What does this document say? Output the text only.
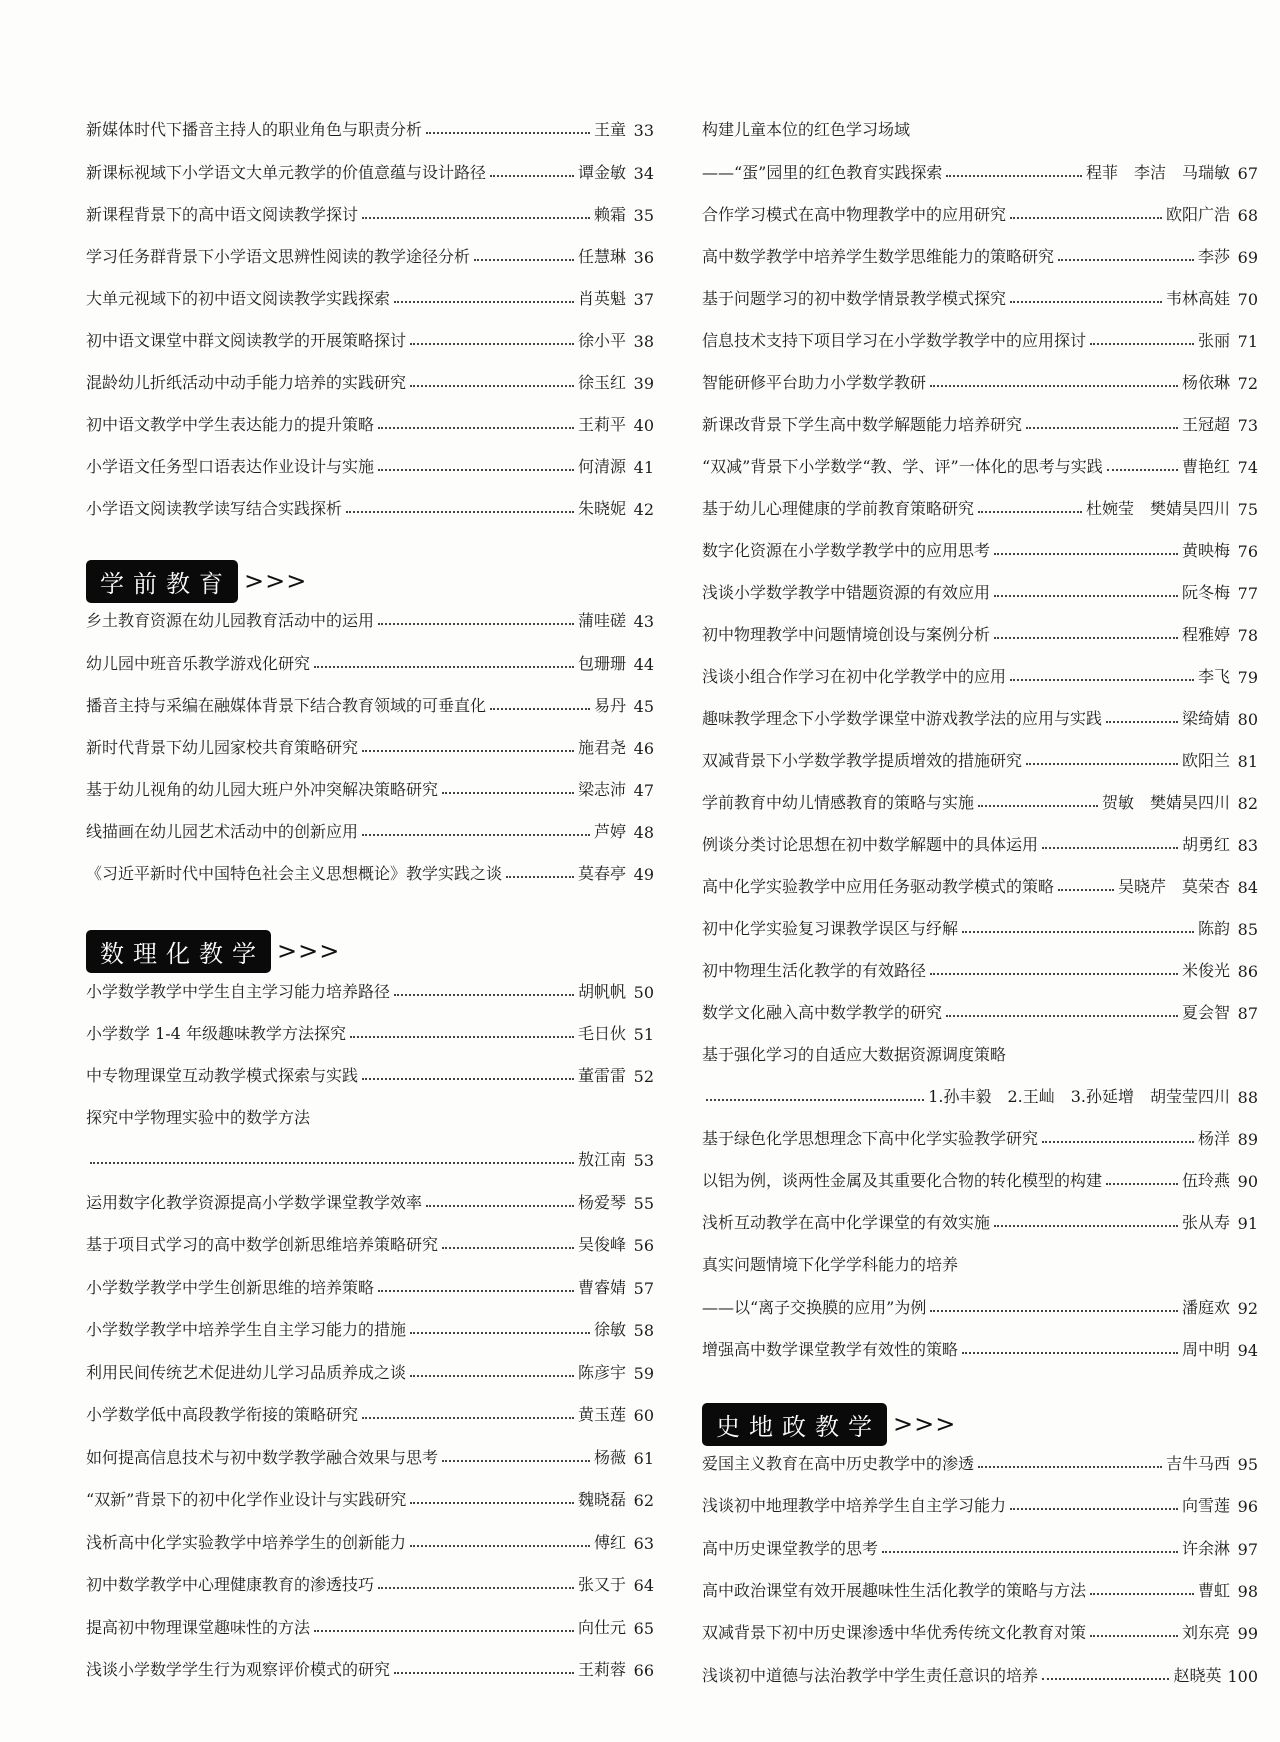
新媒体时代下播音主持人的职业角色与职责分析	王童 33
新课标视域下小学语文大单元教学的价值意蕴与设计路径	谭金敏 34
新课程背景下的高中语文阅读教学探讨	赖霜 35
学习任务群背景下小学语文思辨性阅读的教学途径分析	任慧琳 36
大单元视域下的初中语文阅读教学实践探索	肖英魁 37
初中语文课堂中群文阅读教学的开展策略探讨	徐小平 38
混龄幼儿折纸活动中动手能力培养的实践研究	徐玉红 39
初中语文教学中学生表达能力的提升策略	王莉平 40
小学语文任务型口语表达作业设计与实施	何清源 41
小学语文阅读教学读写结合实践探析	朱晓妮 42
学前教育 >>>
乡土教育资源在幼儿园教育活动中的运用	蒲哇磋 43
幼儿园中班音乐教学游戏化研究	包珊珊 44
播音主持与采编在融媒体背景下结合教育领域的可垂直化	易丹 45
新时代背景下幼儿园家校共育策略研究	施君尧 46
基于幼儿视角的幼儿园大班户外冲突解决策略研究	梁志沛 47
线描画在幼儿园艺术活动中的创新应用	芦婷 48
《习近平新时代中国特色社会主义思想概论》教学实践之谈	莫春亭 49
数理化教学 >>>
小学数学教学中学生自主学习能力培养路径	胡帆帆 50
小学数学 1-4 年级趣味教学方法探究	毛日伙 51
中专物理课堂互动教学模式探索与实践	董雷雷 52
探究中学物理实验中的数学方法
敖江南 53
运用数字化教学资源提高小学数学课堂教学效率	杨爱琴 55
基于项目式学习的高中数学创新思维培养策略研究	吴俊峰 56
小学数学教学中学生创新思维的培养策略	曹睿婧 57
小学数学教学中培养学生自主学习能力的措施	徐敏 58
利用民间传统艺术促进幼儿学习品质养成之谈	陈彦宇 59
小学数学低中高段教学衔接的策略研究	黄玉莲 60
如何提高信息技术与初中数学教学融合效果与思考	杨薇 61
“双新”背景下的初中化学作业设计与实践研究	魏晓磊 62
浅析高中化学实验教学中培养学生的创新能力	傅红 63
初中数学教学中心理健康教育的渗透技巧	张又于 64
提高初中物理课堂趣味性的方法	向仕元 65
浅谈小学数学学生行为观察评价模式的研究	王莉蓉 66
构建儿童本位的红色学习场域
——“蛋”园里的红色教育实践探索	程菲　李洁　马瑞敏 67
合作学习模式在高中物理教学中的应用研究	欧阳广浩 68
高中数学教学中培养学生数学思维能力的策略研究	李莎 69
基于问题学习的初中数学情景教学模式探究	韦林高娃 70
信息技术支持下项目学习在小学数学教学中的应用探讨	张丽 71
智能研修平台助力小学数学教研	杨依琳 72
新课改背景下学生高中数学解题能力培养研究	王冠超 73
“双减”背景下小学数学“教、学、评”一体化的思考与实践	曹艳红 74
基于幼儿心理健康的学前教育策略研究	杜婉莹　樊婧昊四川 75
数字化资源在小学数学教学中的应用思考	黄映梅 76
浅谈小学数学教学中错题资源的有效应用	阮冬梅 77
初中物理教学中问题情境创设与案例分析	程雅婷 78
浅谈小组合作学习在初中化学教学中的应用	李飞 79
趣味教学理念下小学数学课堂中游戏教学法的应用与实践	梁绮婧 80
双减背景下小学数学教学提质增效的措施研究	欧阳兰 81
学前教育中幼儿情感教育的策略与实施	贺敏　樊婧昊四川 82
例谈分类讨论思想在初中数学解题中的具体运用	胡勇红 83
高中化学实验教学中应用任务驱动教学模式的策略	吴晓芹　莫荣杏 84
初中化学实验复习课教学误区与纾解	陈韵 85
初中物理生活化教学的有效路径	米俊光 86
数学文化融入高中数学教学的研究	夏会智 87
基于强化学习的自适应大数据资源调度策略
1.孙丰毅　2.王屾　3.孙延增　胡莹莹四川 88
基于绿色化学思想理念下高中化学实验教学研究	杨洋 89
以铝为例，谈两性金属及其重要化合物的转化模型的构建	伍玲燕 90
浅析互动教学在高中化学课堂的有效实施	张从寿 91
真实问题情境下化学学科能力的培养
——以“离子交换膜的应用”为例	潘庭欢 92
增强高中数学课堂教学有效性的策略	周中明 94
史地政教学 >>>
爱国主义教育在高中历史教学中的渗透	吉牛马西 95
浅谈初中地理教学中培养学生自主学习能力	向雪莲 96
高中历史课堂教学的思考	许余淋 97
高中政治课堂有效开展趣味性生活化教学的策略与方法	曹虹 98
双减背景下初中历史课渗透中华优秀传统文化教育对策	刘东亮 99
浅谈初中道德与法治教学中学生责任意识的培养	赵晓英 100
